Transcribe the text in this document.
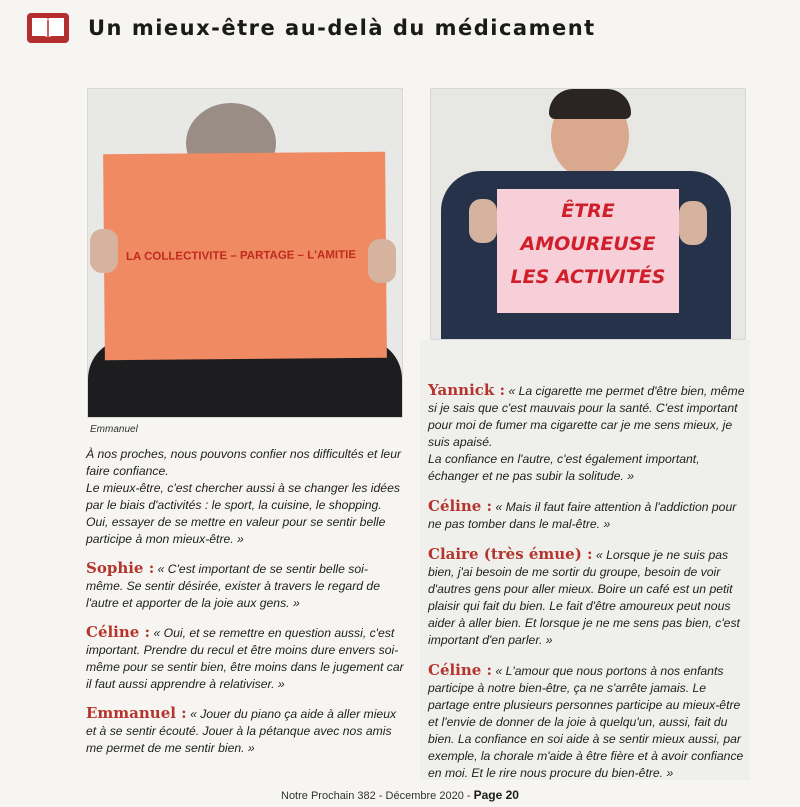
Un mieux-être au-delà du médicament
LA COLLECTIVITE – PARTAGE – L'AMITIE
Emmanuel
ÊTRE
AMOUREUSE
LES ACTIVITÉS

À nos proches, nous pouvons confier nos difficultés et leur faire confiance.

Le mieux-être, c'est chercher aussi à se changer les idées par le biais d'activités : le sport, la cuisine, le shopping. Oui, essayer de se mettre en valeur pour se sentir belle participe à mon mieux-être. »

Sophie : « C'est important de se sentir belle soi-même. Se sentir désirée, exister à travers le regard de l'autre et apporter de la joie aux gens. »

Céline : « Oui, et se remettre en question aussi, c'est important. Prendre du recul et être moins dure envers soi-même pour se sentir bien, être moins dans le jugement car il faut aussi apprendre à relativiser. »

Emmanuel : « Jouer du piano ça aide à aller mieux et à se sentir écouté. Jouer à la pétanque avec nos amis me permet de me sentir bien. »

Yannick : « La cigarette me permet d'être bien, même si je sais que c'est mauvais pour la santé. C'est important pour moi de fumer ma cigarette car je me sens mieux, je suis apaisé.

La confiance en l'autre, c'est également important, échanger et ne pas subir la solitude. »

Céline : « Mais il faut faire attention à l'addiction pour ne pas tomber dans le mal-être. »

Claire (très émue) : « Lorsque je ne suis pas bien, j'ai besoin de me sortir du groupe, besoin de voir d'autres gens pour aller mieux. Boire un café est un petit plaisir qui fait du bien. Le fait d'être amoureux peut nous aider à aller bien. Et lorsque je ne me sens pas bien, c'est important d'en parler. »

Céline : « L'amour que nous portons à nos enfants participe à notre bien-être, ça ne s'arrête jamais. Le partage entre plusieurs personnes participe au mieux-être et l'envie de donner de la joie à quelqu'un, aussi, fait du bien. La confiance en soi aide à se sentir mieux aussi, par exemple, la chorale m'aide à être fière et à avoir confiance en moi. Et le rire nous procure du bien-être. »

Notre Prochain 382 - Décembre 2020 - Page 20
